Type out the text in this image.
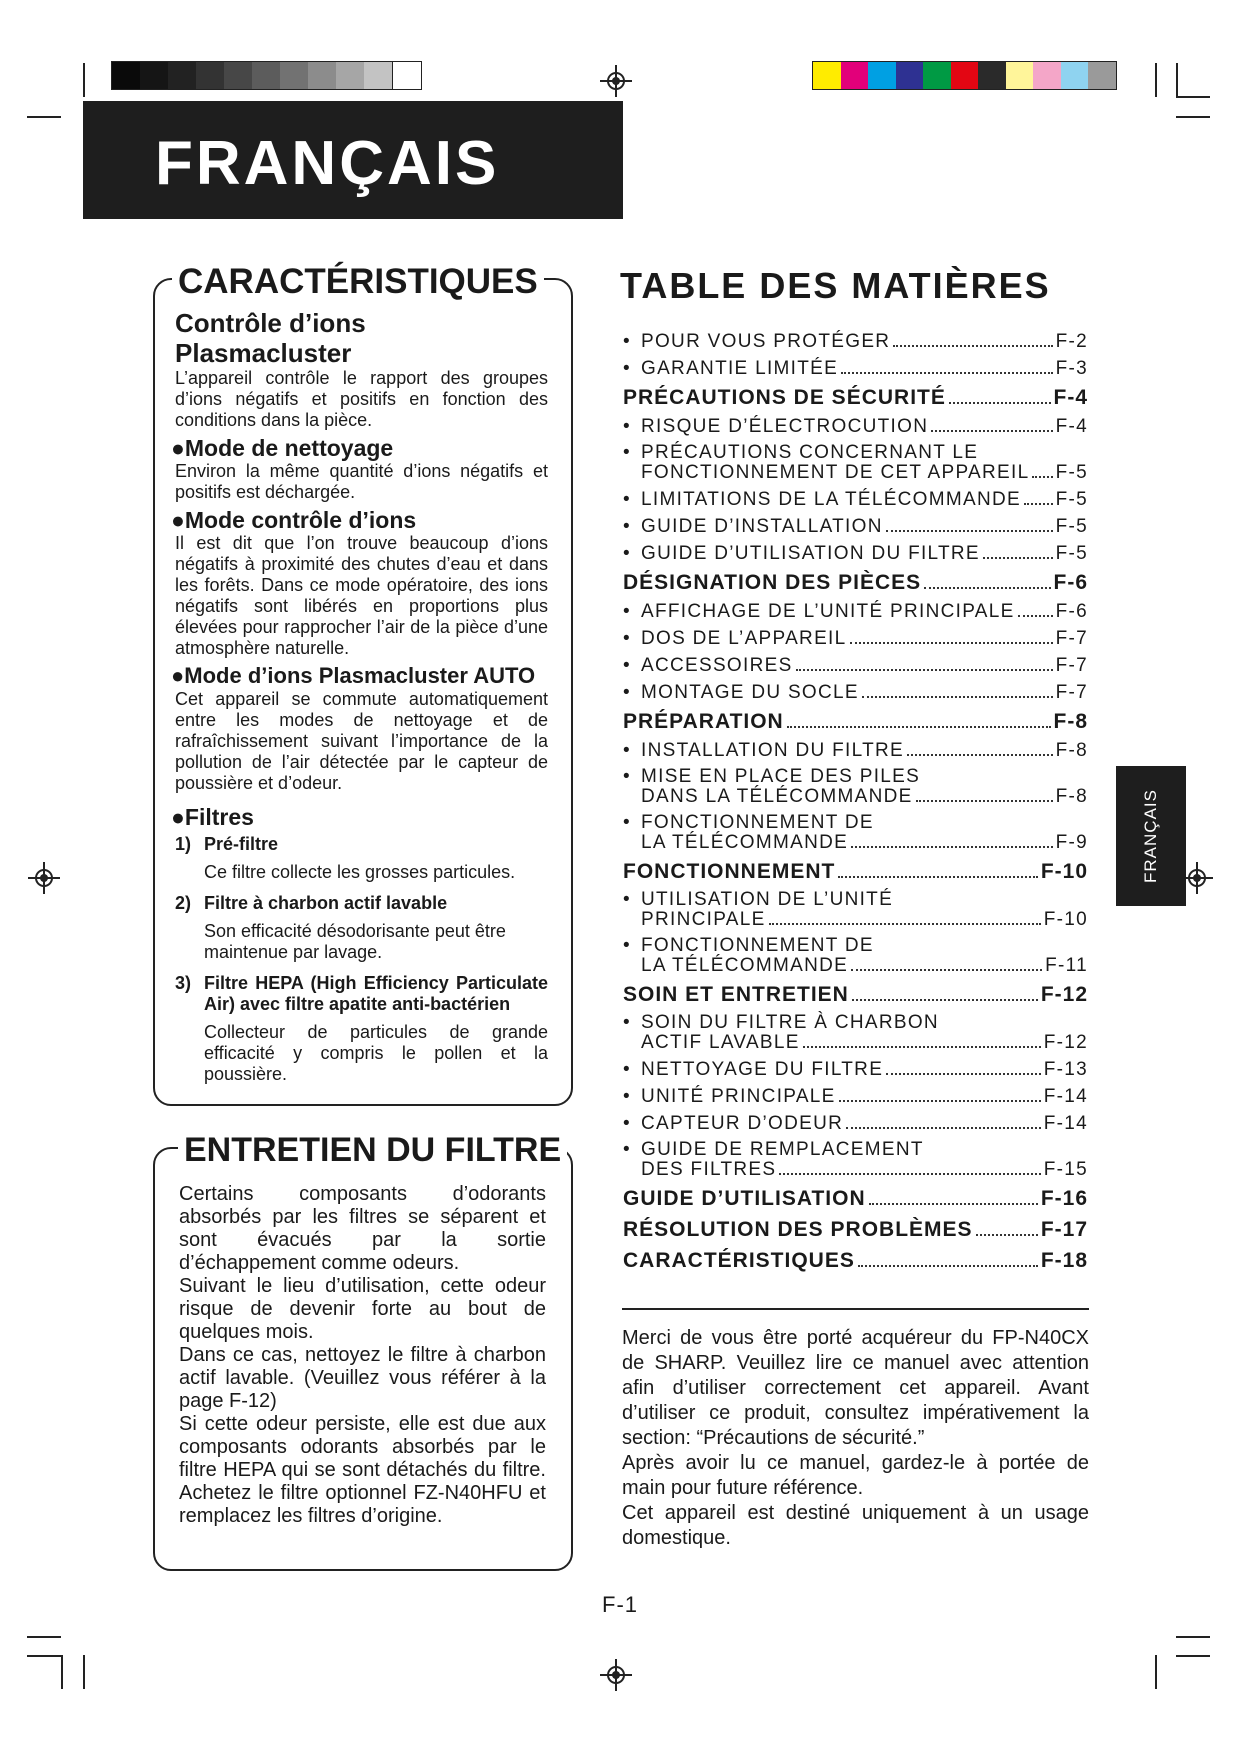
FRANÇAIS
FRANÇAIS
CARACTÉRISTIQUES
Contrôle d’ions Plasmacluster
L’appareil contrôle le rapport des groupes d’ions négatifs et positifs en fonction des conditions dans la pièce.
●Mode de nettoyage
Environ la même quantité d’ions négatifs et positifs est déchargée.
●Mode contrôle d’ions
Il est dit que l’on trouve beaucoup d’ions négatifs à proximité des chutes d’eau et dans les forêts. Dans ce mode opératoire, des ions négatifs sont libérés en proportions plus élevées pour rapprocher l’air de la pièce d’une atmosphère naturelle.
●Mode d’ions Plasmacluster AUTO
Cet appareil se commute automatiquement entre les modes de nettoyage et de rafraîchissement suivant l’importance de la pollution de l’air détectée par le capteur de poussière et d’odeur.
●Filtres
1) Pré-filtre
Ce filtre collecte les grosses particules.
2) Filtre à charbon actif lavable
Son efficacité désodorisante peut être maintenue par lavage.
3) Filtre HEPA (High Efficiency Particulate Air) avec filtre apatite anti-bactérien
Collecteur de particules de grande efficacité y compris le pollen et la poussière.
ENTRETIEN DU FILTRE
Certains composants d’odorants absorbés par les filtres se séparent et sont évacués par la sortie d’échappement comme odeurs.
Suivant le lieu d’utilisation, cette odeur risque de devenir forte au bout de quelques mois.
Dans ce cas, nettoyez le filtre à charbon actif lavable. (Veuillez vous référer à la page F-12)
Si cette odeur persiste, elle est due aux composants odorants absorbés par le filtre HEPA qui se sont détachés du filtre. Achetez le filtre optionnel FZ-N40HFU et remplacez les filtres d’origine.
TABLE DES MATIÈRES
• POUR VOUS PROTÉGER	F-2
• GARANTIE LIMITÉE	F-3
PRÉCAUTIONS DE SÉCURITÉ	F-4
• RISQUE D’ÉLECTROCUTION	F-4
• PRÉCAUTIONS CONCERNANT LE
FONCTIONNEMENT DE CET APPAREIL F-5
• LIMITATIONS DE LA TÉLÉCOMMANDE F-5
• GUIDE D’INSTALLATION	F-5
• GUIDE D’UTILISATION DU FILTRE	F-5
DÉSIGNATION DES PIÈCES	F-6
• AFFICHAGE DE L’UNITÉ PRINCIPALE F-6
• DOS DE L’APPAREIL	F-7
• ACCESSOIRES	F-7
• MONTAGE DU SOCLE	F-7
PRÉPARATION	F-8
• INSTALLATION DU FILTRE	F-8
• MISE EN PLACE DES PILES
DANS LA TÉLÉCOMMANDE	F-8
• FONCTIONNEMENT DE
LA TÉLÉCOMMANDE	F-9
FONCTIONNEMENT	F-10
• UTILISATION DE L’UNITÉ
PRINCIPALE	F-10
• FONCTIONNEMENT DE
LA TÉLÉCOMMANDE	F-11
SOIN ET ENTRETIEN	F-12
• SOIN DU FILTRE À CHARBON
ACTIF LAVABLE	F-12
• NETTOYAGE DU FILTRE	F-13
• UNITÉ PRINCIPALE	F-14
• CAPTEUR D’ODEUR	F-14
• GUIDE DE REMPLACEMENT
DES FILTRES	F-15
GUIDE D’UTILISATION	F-16
RÉSOLUTION DES PROBLÈMES	F-17
CARACTÉRISTIQUES	F-18
Merci de vous être porté acquéreur du FP-N40CX de SHARP. Veuillez lire ce manuel avec attention afin d’utiliser correctement cet appareil. Avant d’utiliser ce produit, consultez impérativement la section: “Précautions de sécurité.”
Après avoir lu ce manuel, gardez-le à portée de main pour future référence.
Cet appareil est destiné uniquement à un usage domestique.
F-1
